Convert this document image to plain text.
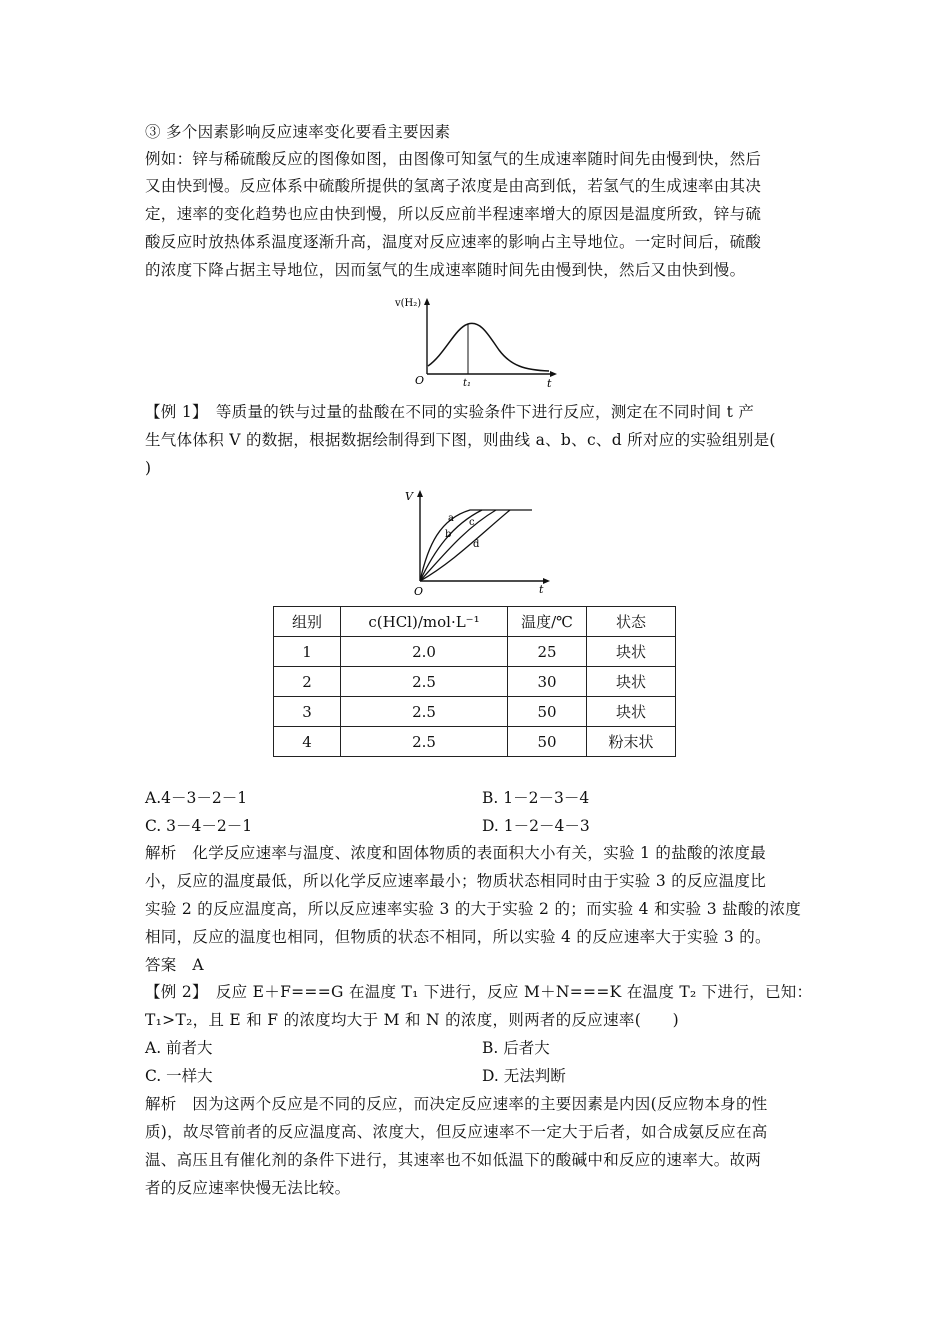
③ 多个因素影响反应速率变化要看主要因素
例如：锌与稀硫酸反应的图像如图，由图像可知氢气的生成速率随时间先由慢到快，然后
又由快到慢。反应体系中硫酸所提供的氢离子浓度是由高到低，若氢气的生成速率由其决
定，速率的变化趋势也应由快到慢，所以反应前半程速率增大的原因是温度所致，锌与硫
酸反应时放热体系温度逐渐升高，温度对反应速率的影响占主导地位。一定时间后，硫酸
的浓度下降占据主导地位，因而氢气的生成速率随时间先由慢到快，然后又由快到慢。
v(H₂)
O	t₁	t
【例 1】　等质量的铁与过量的盐酸在不同的实验条件下进行反应，测定在不同时间 t 产
生气体体积 V 的数据，根据数据绘制得到下图，则曲线 a、b、c、d 所对应的实验组别是(
)
V
a
b
c
d
O	t
组别	c(HCl)/mol·L⁻¹	温度/℃	状态
1	2.0	25	块状
2	2.5	30	块状
3	2.5	50	块状
4	2.5	50	粉末状
A.4－3－2－1	B. 1－2－3－4
C. 3－4－2－1	D. 1－2－4－3
解析　化学反应速率与温度、浓度和固体物质的表面积大小有关，实验 1 的盐酸的浓度最
小，反应的温度最低，所以化学反应速率最小；物质状态相同时由于实验 3 的反应温度比
实验 2 的反应温度高，所以反应速率实验 3 的大于实验 2 的；而实验 4 和实验 3 盐酸的浓度
相同，反应的温度也相同，但物质的状态不相同，所以实验 4 的反应速率大于实验 3 的。
答案　A
【例 2】　反应 E＋F===G 在温度 T₁ 下进行，反应 M＋N===K 在温度 T₂ 下进行，已知：
T₁>T₂，且 E 和 F 的浓度均大于 M 和 N 的浓度，则两者的反应速率(　　)
A. 前者大	B. 后者大
C. 一样大	D. 无法判断
解析　因为这两个反应是不同的反应，而决定反应速率的主要因素是内因(反应物本身的性
质)，故尽管前者的反应温度高、浓度大，但反应速率不一定大于后者，如合成氨反应在高
温、高压且有催化剂的条件下进行，其速率也不如低温下的酸碱中和反应的速率大。故两
者的反应速率快慢无法比较。
